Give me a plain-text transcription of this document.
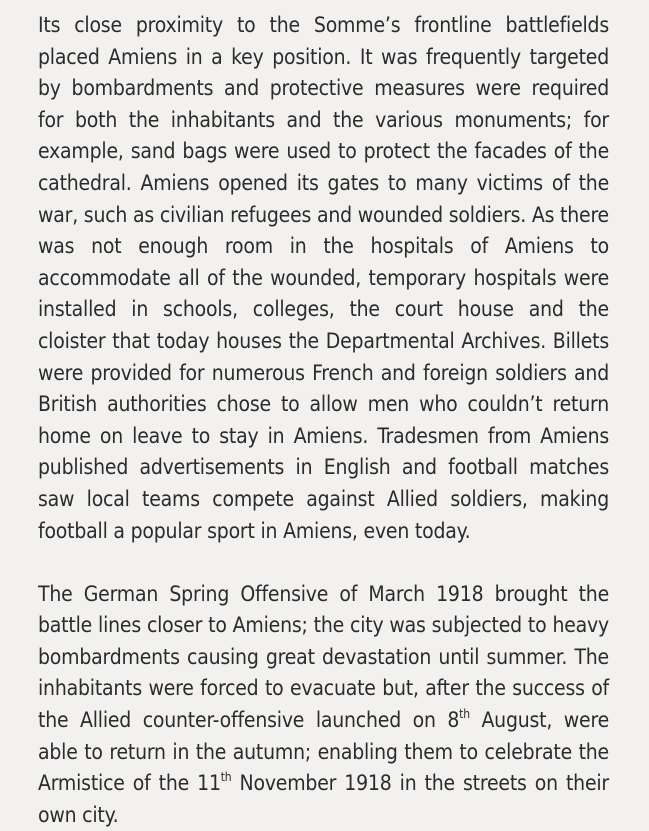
Its close proximity to the Somme’s frontline battlefields placed Amiens in a key position. It was frequently targeted by bombardments and protective measures were required for both the inhabitants and the various monuments; for example, sand bags were used to protect the facades of the cathedral. Amiens opened its gates to many victims of the war, such as civilian refugees and wounded soldiers. As there was not enough room in the hospitals of Amiens to accommodate all of the wounded, temporary hospitals were installed in schools, colleges, the court house and the cloister that today houses the Departmental Archives. Billets were provided for numerous French and foreign soldiers and British authorities chose to allow men who couldn’t return home on leave to stay in Amiens. Tradesmen from Amiens published advertisements in English and football matches saw local teams compete against Allied soldiers, making football a popular sport in Amiens, even today.

The German Spring Offensive of March 1918 brought the battle lines closer to Amiens; the city was subjected to heavy bombardments causing great devastation until summer. The inhabitants were forced to evacuate but, after the success of the Allied counter-offensive launched on 8th August, were able to return in the autumn; enabling them to celebrate the Armistice of the 11th November 1918 in the streets on their own city.
